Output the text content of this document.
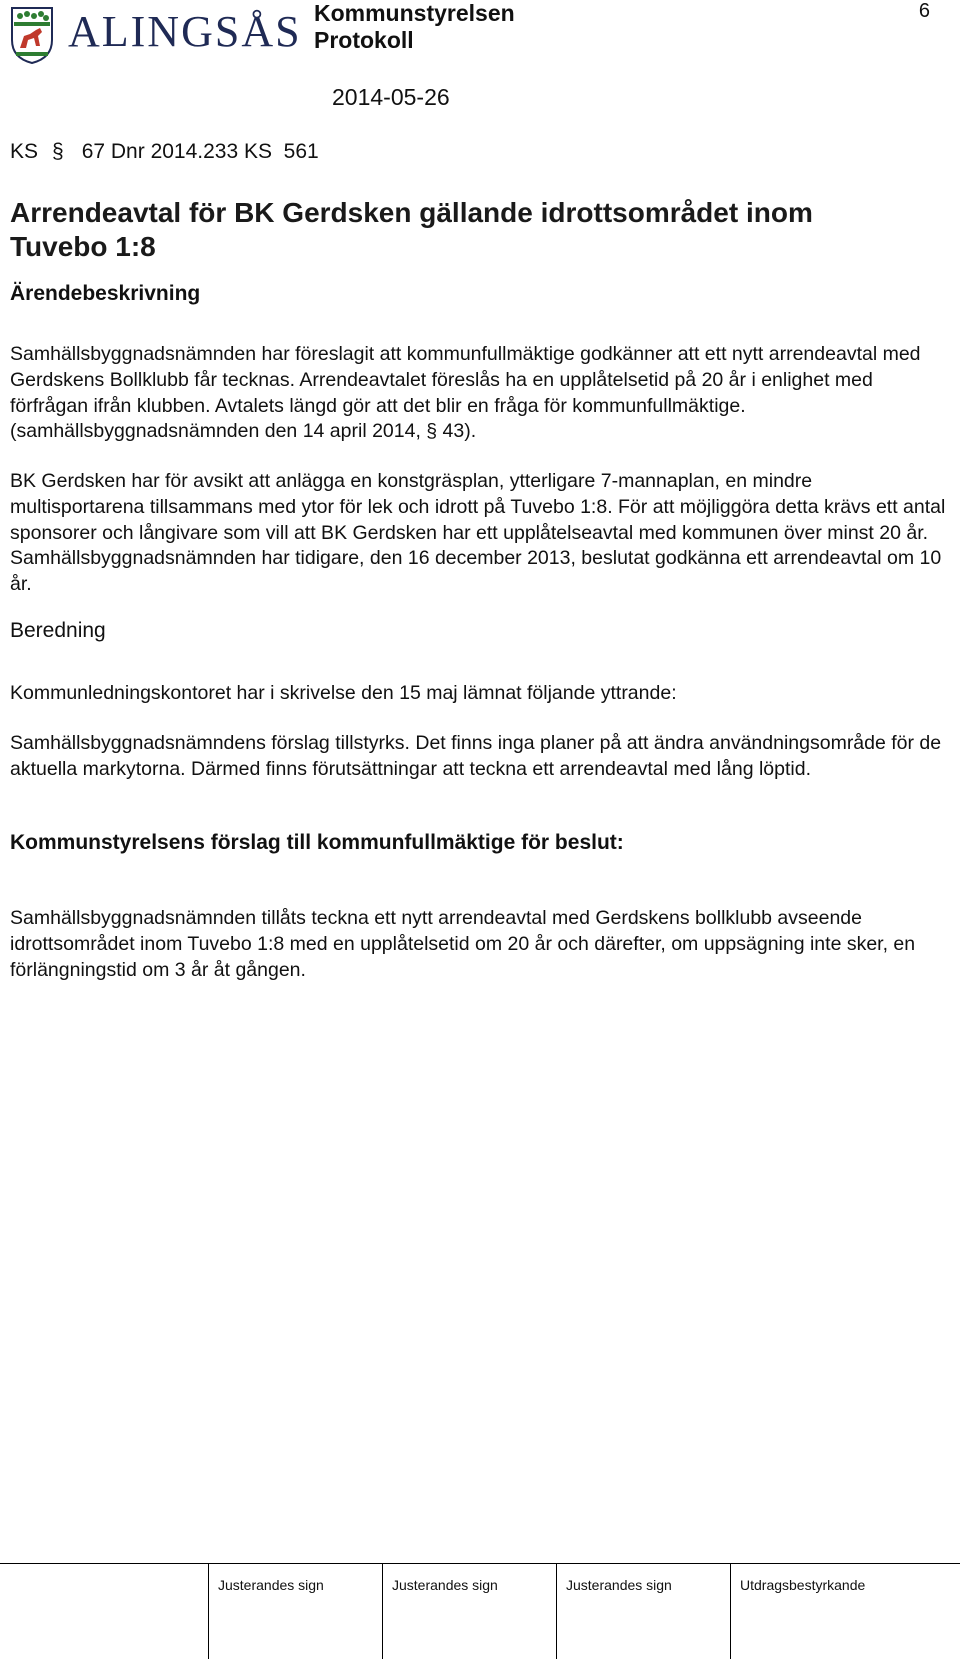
ALINGSÅS Kommunstyrelsen
Protokoll
6
2014-05-26
KS § 67 Dnr 2014.233 KS  561
Arrendeavtal för BK Gerdsken gällande idrottsområdet inom Tuvebo 1:8
Ärendebeskrivning
Samhällsbyggnadsnämnden har föreslagit att kommunfullmäktige godkänner att ett nytt arrendeavtal med Gerdskens Bollklubb får tecknas. Arrendeavtalet föreslås ha en upplåtelsetid på 20 år i enlighet med förfrågan ifrån klubben. Avtalets längd gör att det blir en fråga för kommunfullmäktige. (samhällsbyggnadsnämnden den 14 april 2014, § 43).
BK Gerdsken har för avsikt att anlägga en konstgräsplan, ytterligare 7-mannaplan, en mindre multisportarena tillsammans med ytor för lek och idrott på Tuvebo 1:8. För att möjliggöra detta krävs ett antal sponsorer och långivare som vill att BK Gerdsken har ett upplåtelseavtal med kommunen över minst 20 år. Samhällsbyggnadsnämnden har tidigare, den 16 december 2013, beslutat godkänna ett arrendeavtal om 10 år.
Beredning
Kommunledningskontoret har i skrivelse den 15 maj lämnat följande yttrande:
Samhällsbyggnadsnämndens förslag tillstyrks. Det finns inga planer på att ändra användningsområde för de aktuella markytorna. Därmed finns förutsättningar att teckna ett arrendeavtal med lång löptid.
Kommunstyrelsens förslag till kommunfullmäktige för beslut:
Samhällsbyggnadsnämnden tillåts teckna ett nytt arrendeavtal med Gerdskens bollklubb avseende idrottsområdet inom Tuvebo 1:8 med en upplåtelsetid om 20 år och därefter, om uppsägning inte sker, en förlängningstid om 3 år åt gången.
Justerandes sign	Justerandes sign	Justerandes sign	Utdragsbestyrkande
